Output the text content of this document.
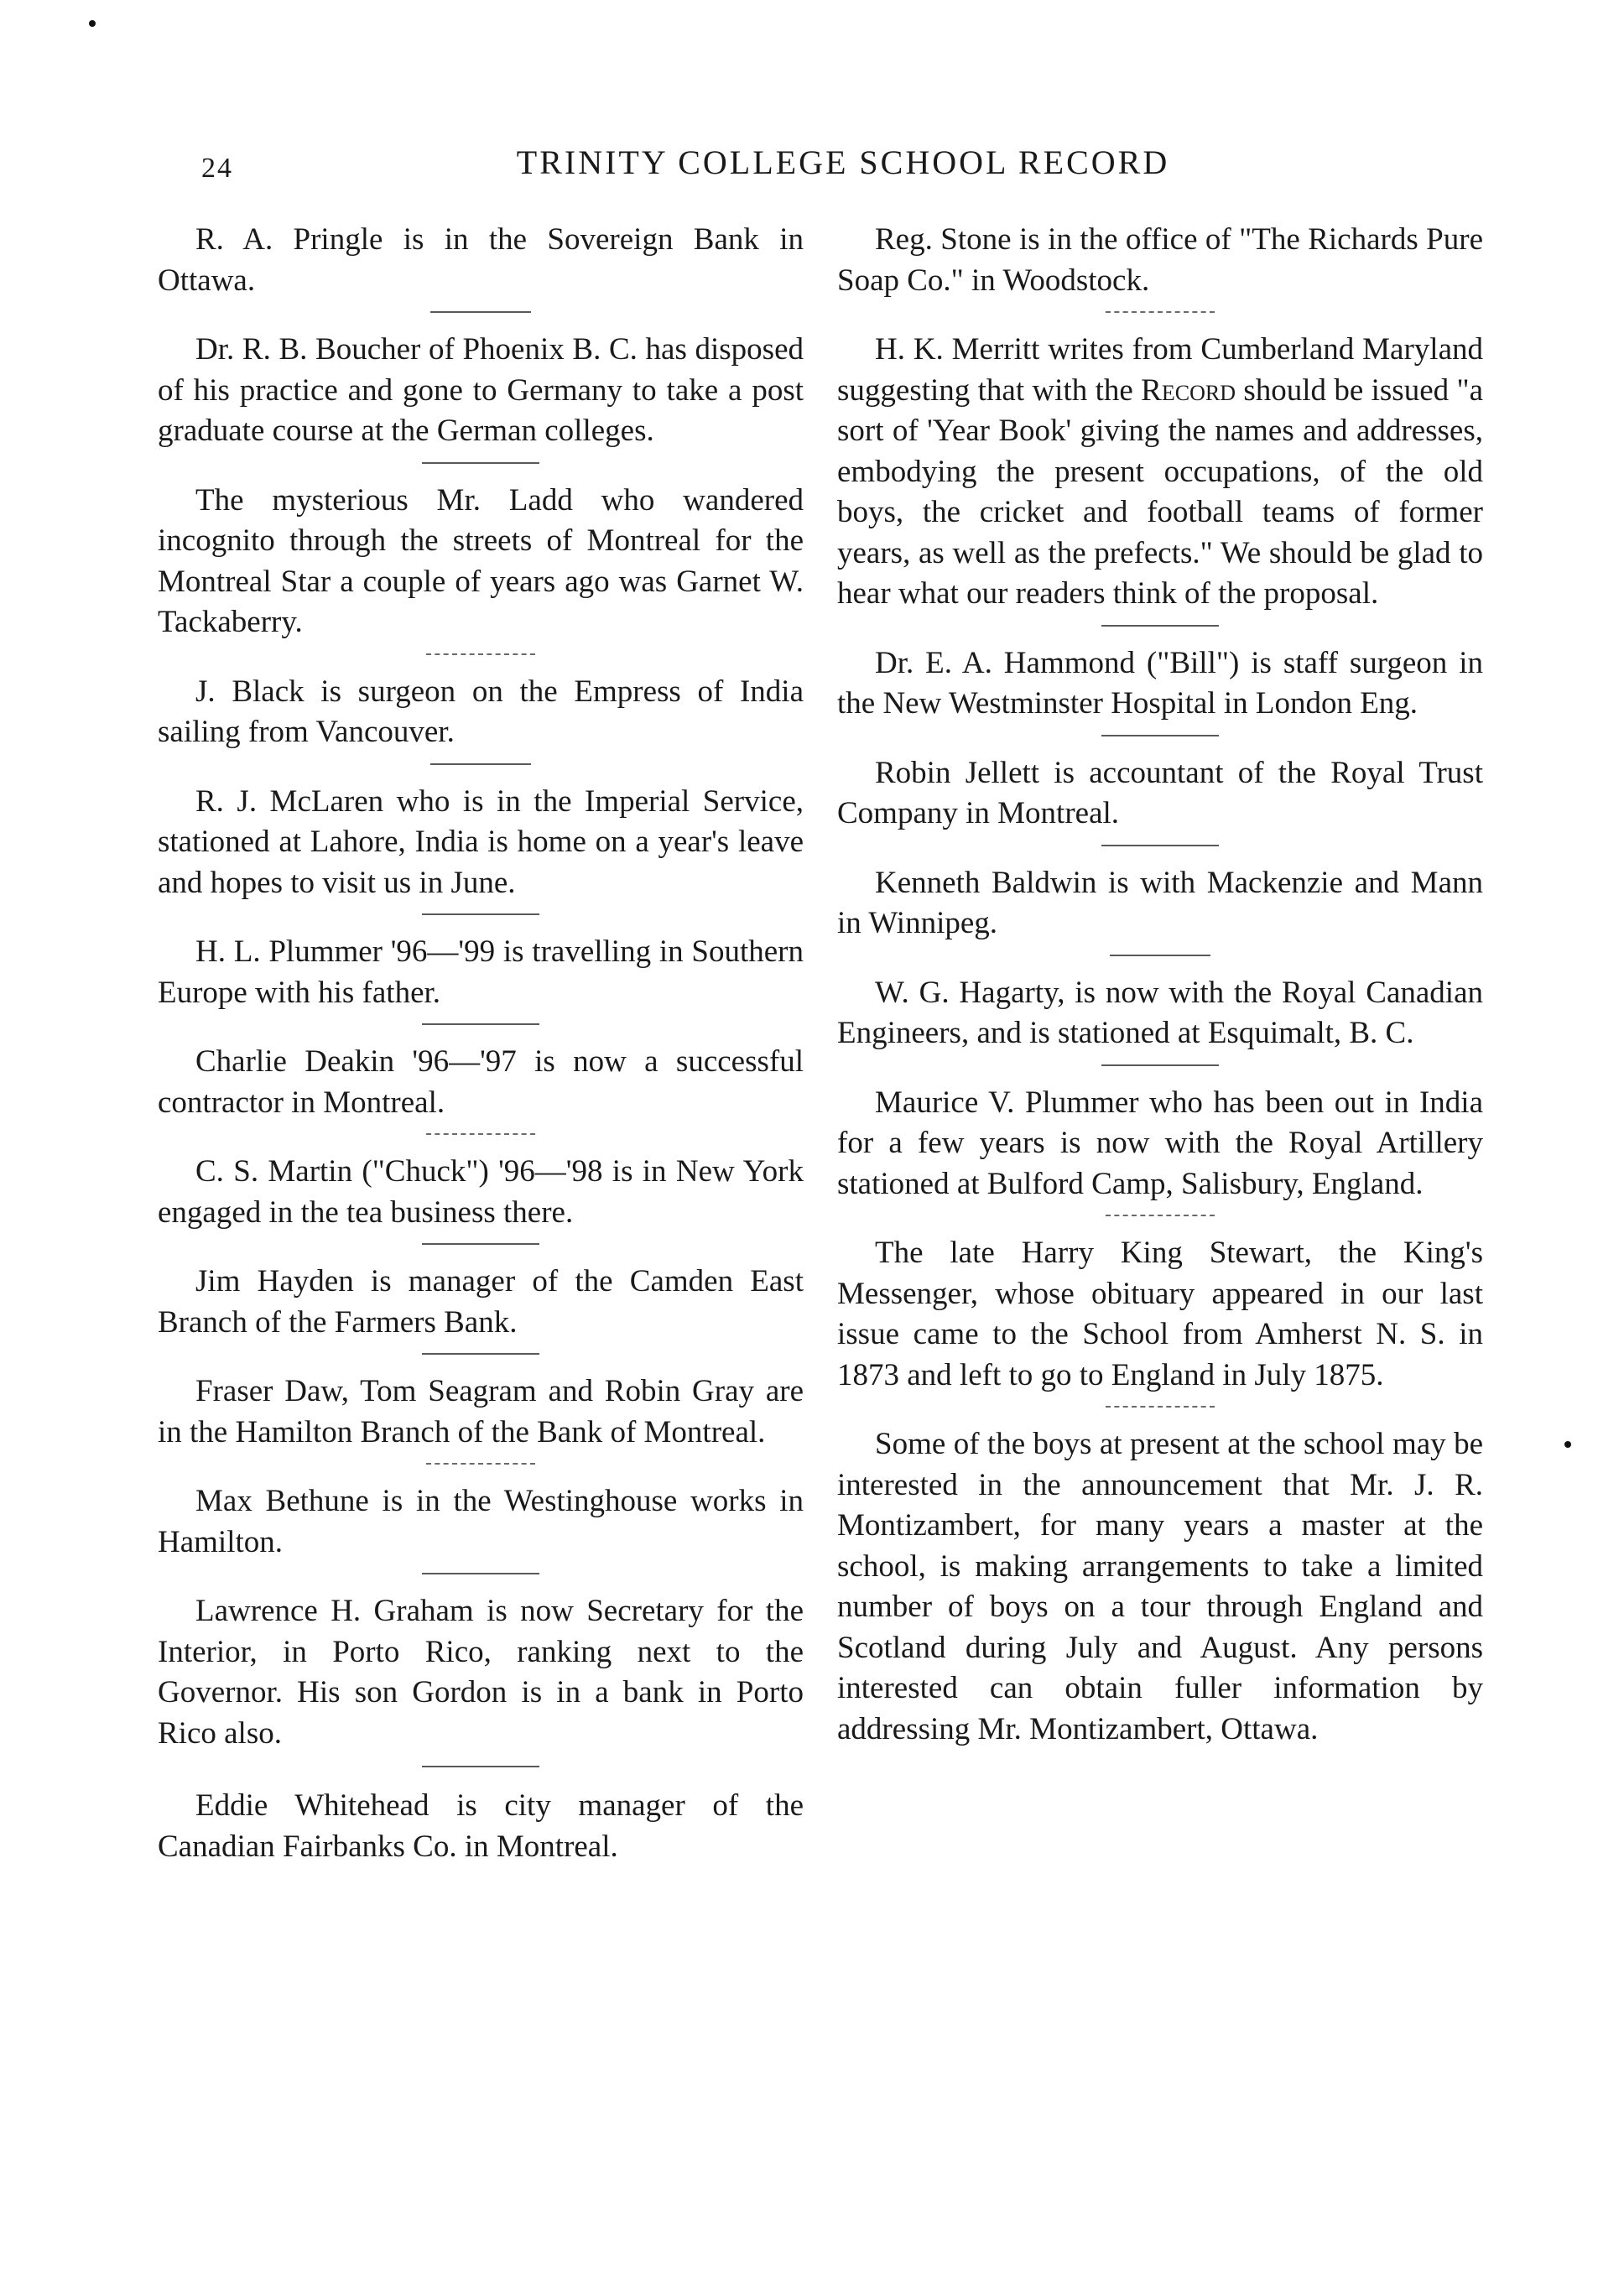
24	TRINITY COLLEGE SCHOOL RECORD

R. A. Pringle is in the Sovereign Bank in Ottawa.

Dr. R. B. Boucher of Phoenix B. C. has disposed of his practice and gone to Germany to take a post graduate course at the German colleges.

The mysterious Mr. Ladd who wandered incognito through the streets of Montreal for the Montreal Star a couple of years ago was Garnet W. Tackaberry.

J. Black is surgeon on the Empress of India sailing from Vancouver.

R. J. McLaren who is in the Imperial Service, stationed at Lahore, India is home on a year's leave and hopes to visit us in June.

H. L. Plummer '96—'99 is travelling in Southern Europe with his father.

Charlie Deakin '96—'97 is now a successful contractor in Montreal.

C. S. Martin ("Chuck") '96—'98 is in New York engaged in the tea business there.

Jim Hayden is manager of the Camden East Branch of the Farmers Bank.

Fraser Daw, Tom Seagram and Robin Gray are in the Hamilton Branch of the Bank of Montreal.

Max Bethune is in the Westinghouse works in Hamilton.

Lawrence H. Graham is now Secretary for the Interior, in Porto Rico, ranking next to the Governor. His son Gordon is in a bank in Porto Rico also.

Eddie Whitehead is city manager of the Canadian Fairbanks Co. in Montreal.

Reg. Stone is in the office of "The Richards Pure Soap Co." in Woodstock.

H. K. Merritt writes from Cumberland Maryland suggesting that with the Record should be issued "a sort of 'Year Book' giving the names and addresses, embodying the present occupations, of the old boys, the cricket and football teams of former years, as well as the prefects." We should be glad to hear what our readers think of the proposal.

Dr. E. A. Hammond ("Bill") is staff surgeon in the New Westminster Hospital in London Eng.

Robin Jellett is accountant of the Royal Trust Company in Montreal.

Kenneth Baldwin is with Mackenzie and Mann in Winnipeg.

W. G. Hagarty, is now with the Royal Canadian Engineers, and is stationed at Esquimalt, B. C.

Maurice V. Plummer who has been out in India for a few years is now with the Royal Artillery stationed at Bulford Camp, Salisbury, England.

The late Harry King Stewart, the King's Messenger, whose obituary appeared in our last issue came to the School from Amherst N. S. in 1873 and left to go to England in July 1875.

Some of the boys at present at the school may be interested in the announcement that Mr. J. R. Montizambert, for many years a master at the school, is making arrangements to take a limited number of boys on a tour through England and Scotland during July and August. Any persons interested can obtain fuller information by addressing Mr. Montizambert, Ottawa.
